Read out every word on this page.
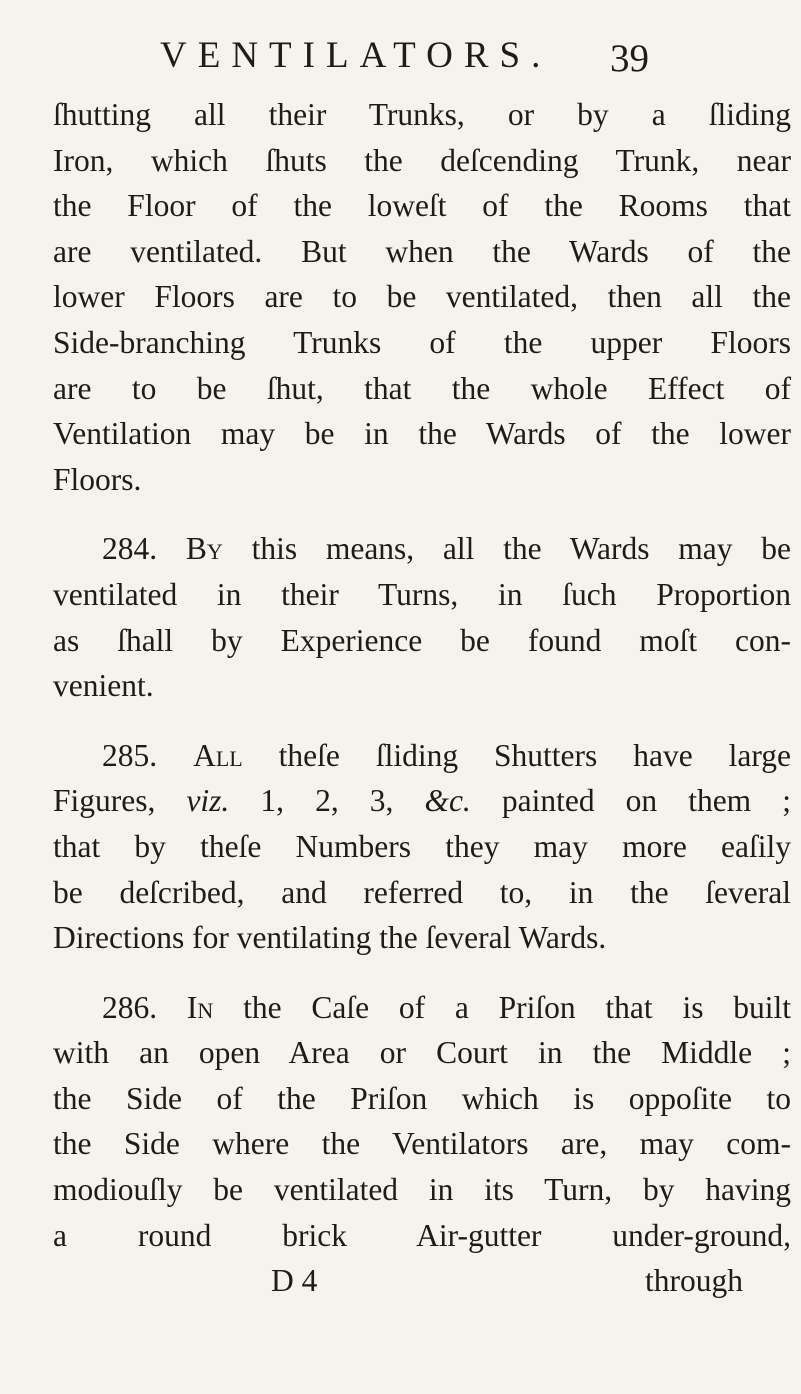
VENTILATORS. 39
ſhutting all their Trunks, or by a ſliding
Iron, which ſhuts the deſcending Trunk, near
the Floor of the loweſt of the Rooms that
are ventilated. But when the Wards of the
lower Floors are to be ventilated, then all the
Side-branching Trunks of the upper Floors
are to be ſhut, that the whole Effect of
Ventilation may be in the Wards of the lower
Floors.
284. By this means, all the Wards may be
ventilated in their Turns, in ſuch Proportion
as ſhall by Experience be found moſt con-
venient.
285. All theſe ſliding Shutters have large
Figures, viz. 1, 2, 3, &c. painted on them ;
that by theſe Numbers they may more eaſily
be deſcribed, and referred to, in the ſeveral
Directions for ventilating the ſeveral Wards.
286. In the Caſe of a Priſon that is built
with an open Area or Court in the Middle ;
the Side of the Priſon which is oppoſite to
the Side where the Ventilators are, may com-
modiouſly be ventilated in its Turn, by having
a round brick Air-gutter under-ground,
D 4	through
